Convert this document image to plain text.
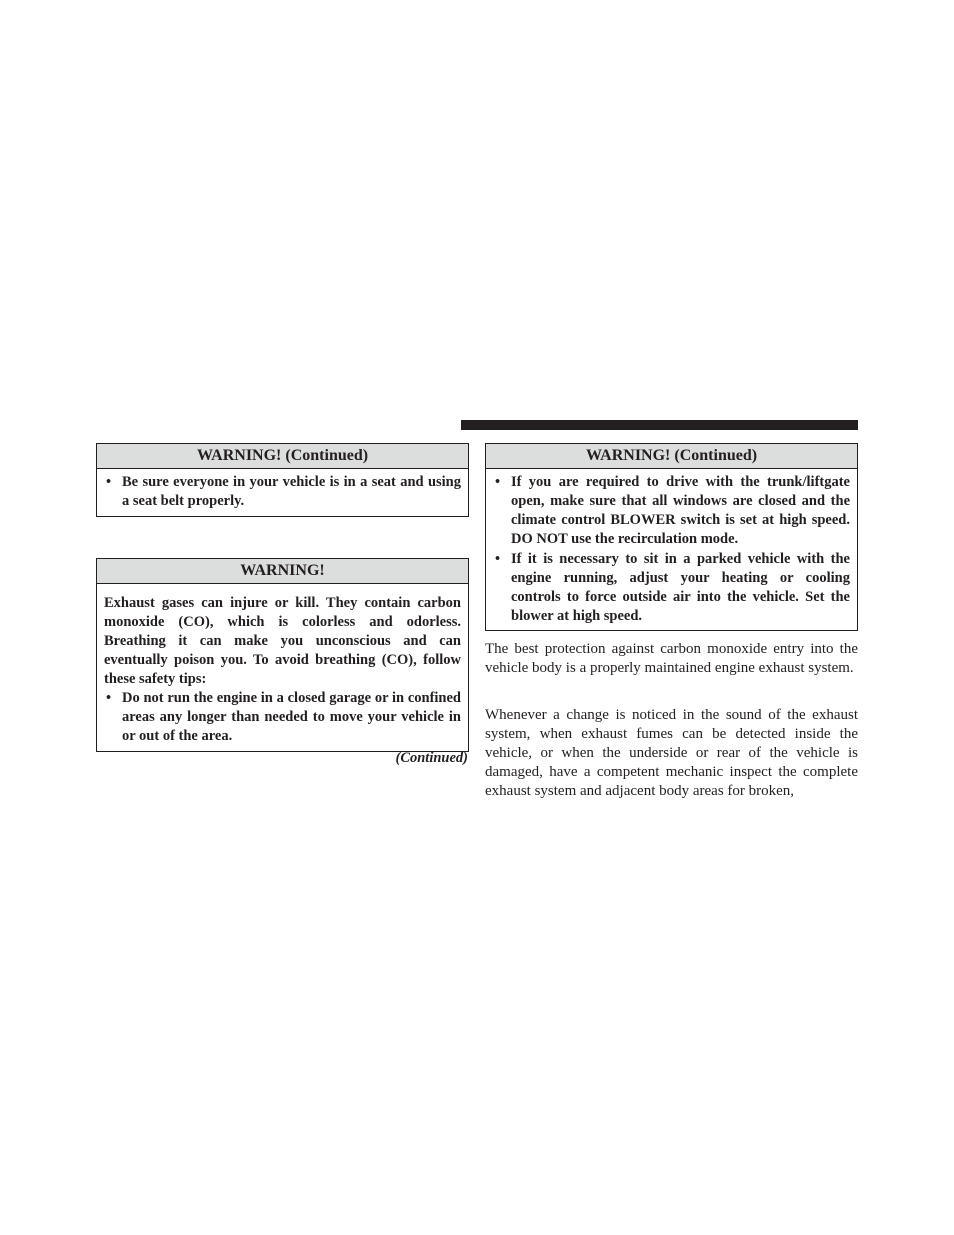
WARNING! (Continued)
• Be sure everyone in your vehicle is in a seat and using a seat belt properly.
WARNING!

Exhaust gases can injure or kill. They contain carbon monoxide (CO), which is colorless and odorless. Breathing it can make you unconscious and can eventually poison you. To avoid breathing (CO), follow these safety tips:

• Do not run the engine in a closed garage or in confined areas any longer than needed to move your vehicle in or out of the area.
(Continued)
WARNING! (Continued)
• If you are required to drive with the trunk/liftgate open, make sure that all windows are closed and the climate control BLOWER switch is set at high speed. DO NOT use the recirculation mode.
• If it is necessary to sit in a parked vehicle with the engine running, adjust your heating or cooling controls to force outside air into the vehicle. Set the blower at high speed.

The best protection against carbon monoxide entry into the vehicle body is a properly maintained engine exhaust system.

Whenever a change is noticed in the sound of the exhaust system, when exhaust fumes can be detected inside the vehicle, or when the underside or rear of the vehicle is damaged, have a competent mechanic inspect the complete exhaust system and adjacent body areas for broken,
